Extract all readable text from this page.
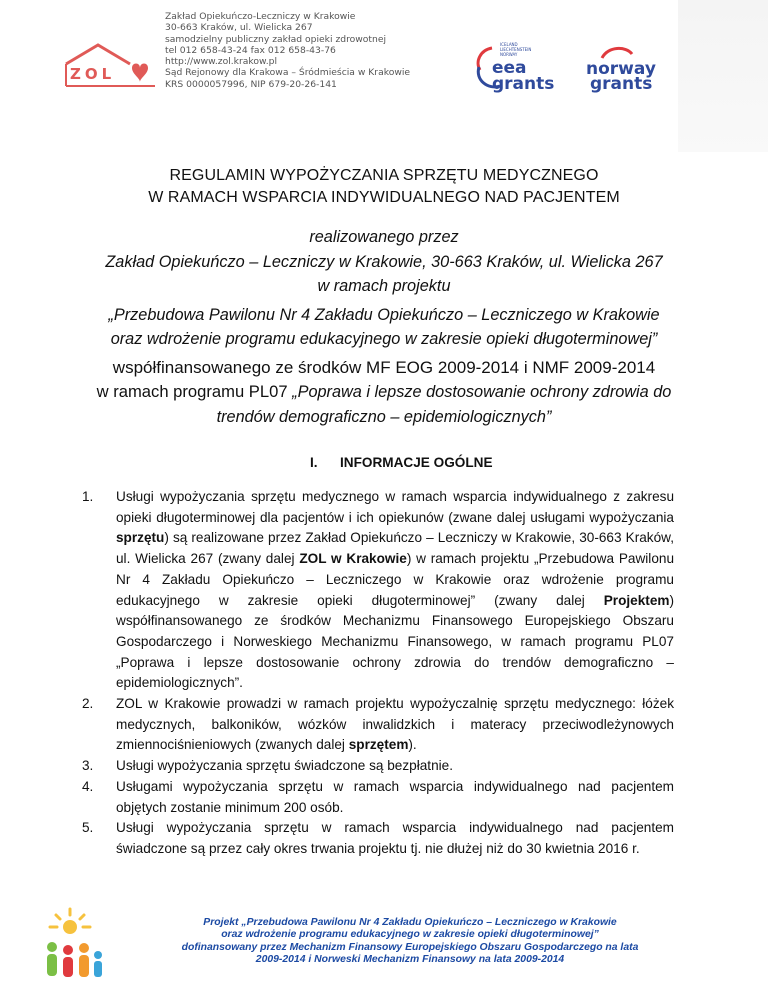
ZOL
Zakład Opiekuńczo-Leczniczy w Krakowie
30-663 Kraków, ul. Wielicka 267
samodzielny publiczny zakład opieki zdrowotnej
tel 012 658-43-24 fax 012 658-43-76
http://www.zol.krakow.pl
Sąd Rejonowy dla Krakowa – Śródmieścia w Krakowie
KRS 0000057996, NIP 679-20-26-141
ICELAND
LIECHTENSTEIN
NORWAY
eea
grants
norway
grants
REGULAMIN WYPOŻYCZANIA SPRZĘTU MEDYCZNEGO
W RAMACH WSPARCIA INDYWIDUALNEGO NAD PACJENTEM
realizowanego przez
Zakład Opiekuńczo – Leczniczy w Krakowie, 30-663 Kraków, ul. Wielicka 267
w ramach projektu
„Przebudowa Pawilonu Nr 4 Zakładu Opiekuńczo – Leczniczego w Krakowie
oraz wdrożenie programu edukacyjnego w zakresie opieki długoterminowej”
współfinansowanego ze środków MF EOG 2009-2014 i NMF 2009-2014
w ramach programu PL07 „Poprawa i lepsze dostosowanie ochrony zdrowia do
trendów demograficzno – epidemiologicznych”
I. INFORMACJE OGÓLNE
1. Usługi wypożyczania sprzętu medycznego w ramach wsparcia indywidualnego z zakresu opieki długoterminowej dla pacjentów i ich opiekunów (zwane dalej usługami wypożyczania sprzętu) są realizowane przez Zakład Opiekuńczo – Leczniczy w Krakowie, 30-663 Kraków, ul. Wielicka 267 (zwany dalej ZOL w Krakowie) w ramach projektu „Przebudowa Pawilonu Nr 4 Zakładu Opiekuńczo – Leczniczego w Krakowie oraz wdrożenie programu edukacyjnego w zakresie opieki długoterminowej” (zwany dalej Projektem) współfinansowanego ze środków Mechanizmu Finansowego Europejskiego Obszaru Gospodarczego i Norweskiego Mechanizmu Finansowego, w ramach programu PL07 „Poprawa i lepsze dostosowanie ochrony zdrowia do trendów demograficzno – epidemiologicznych”.
2. ZOL w Krakowie prowadzi w ramach projektu wypożyczalnię sprzętu medycznego: łóżek medycznych, balkoników, wózków inwalidzkich i materacy przeciwodleżynowych zmiennociśnieniowych (zwanych dalej sprzętem).
3. Usługi wypożyczania sprzętu świadczone są bezpłatnie.
4. Usługami wypożyczania sprzętu w ramach wsparcia indywidualnego nad pacjentem objętych zostanie minimum 200 osób.
5. Usługi wypożyczania sprzętu w ramach wsparcia indywidualnego nad pacjentem świadczone są przez cały okres trwania projektu tj. nie dłużej niż do 30 kwietnia 2016 r.
Projekt „Przebudowa Pawilonu Nr 4 Zakładu Opiekuńczo – Leczniczego w Krakowie
oraz wdrożenie programu edukacyjnego w zakresie opieki długoterminowej”
dofinansowany przez Mechanizm Finansowy Europejskiego Obszaru Gospodarczego na lata
2009-2014 i Norweski Mechanizm Finansowy na lata 2009-2014
